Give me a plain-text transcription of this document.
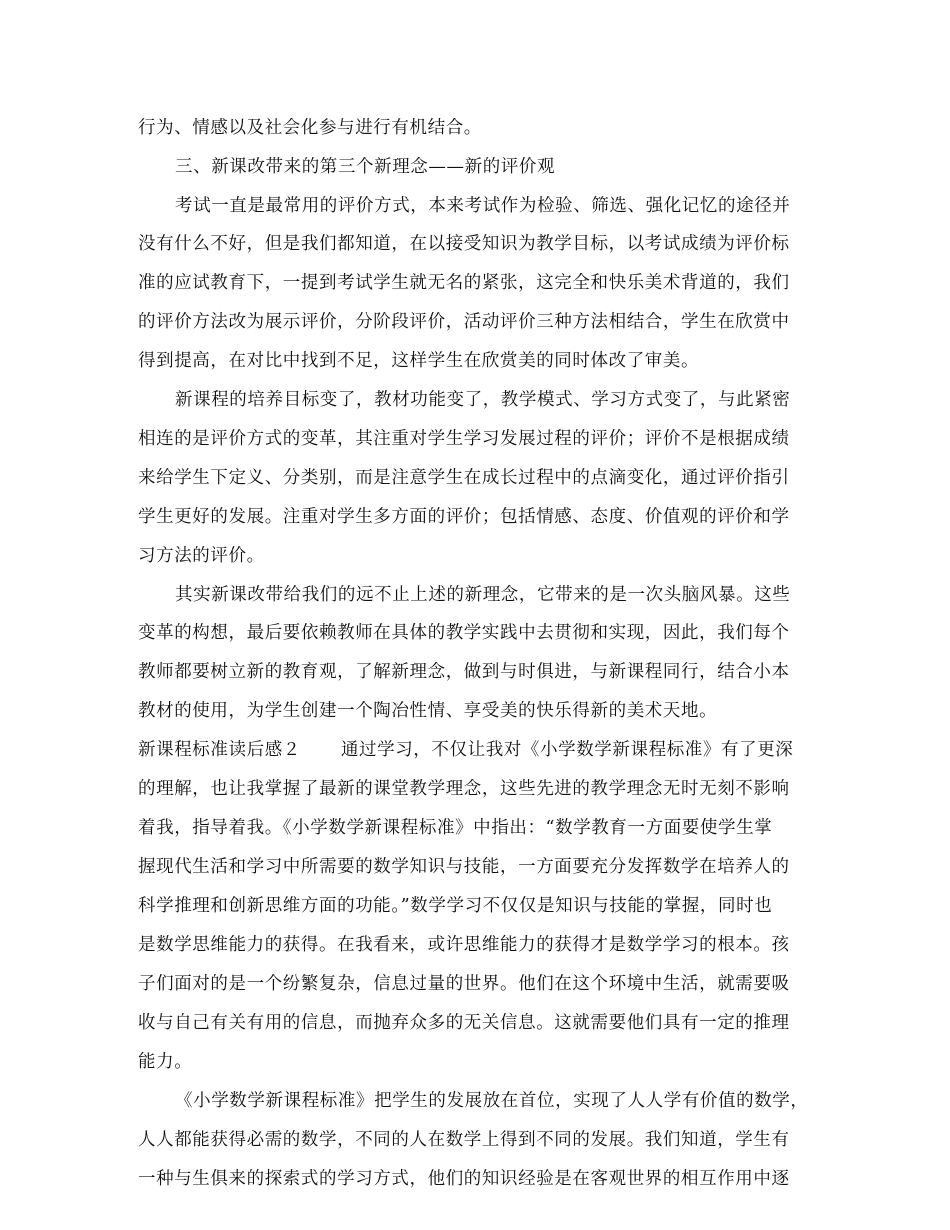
行为、情感以及社会化参与进行有机结合。
三、新课改带来的第三个新理念——新的评价观
考试一直是最常用的评价方式，本来考试作为检验、筛选、强化记忆的途径并
没有什么不好，但是我们都知道，在以接受知识为教学目标，以考试成绩为评价标
准的应试教育下，一提到考试学生就无名的紧张，这完全和快乐美术背道的，我们
的评价方法改为展示评价，分阶段评价，活动评价三种方法相结合，学生在欣赏中
得到提高，在对比中找到不足，这样学生在欣赏美的同时体改了审美。
新课程的培养目标变了，教材功能变了，教学模式、学习方式变了，与此紧密
相连的是评价方式的变革，其注重对学生学习发展过程的评价；评价不是根据成绩
来给学生下定义、分类别，而是注意学生在成长过程中的点滴变化，通过评价指引
学生更好的发展。注重对学生多方面的评价；包括情感、态度、价值观的评价和学
习方法的评价。
其实新课改带给我们的远不止上述的新理念，它带来的是一次头脑风暴。这些
变革的构想，最后要依赖教师在具体的教学实践中去贯彻和实现，因此，我们每个
教师都要树立新的教育观，了解新理念，做到与时俱进，与新课程同行，结合小本
教材的使用，为学生创建一个陶冶性情、享受美的快乐得新的美术天地。
新课程标准读后感２ 通过学习，不仅让我对《小学数学新课程标准》有了更深
的理解，也让我掌握了最新的课堂教学理念，这些先进的教学理念无时无刻不影响
着我，指导着我。《小学数学新课程标准》中指出：“数学教育一方面要使学生掌
握现代生活和学习中所需要的数学知识与技能，一方面要充分发挥数学在培养人的
科学推理和创新思维方面的功能。”数学学习不仅仅是知识与技能的掌握，同时也
是数学思维能力的获得。在我看来，或许思维能力的获得才是数学学习的根本。孩
子们面对的是一个纷繁复杂，信息过量的世界。他们在这个环境中生活，就需要吸
收与自己有关有用的信息，而抛弃众多的无关信息。这就需要他们具有一定的推理
能力。
《小学数学新课程标准》把学生的发展放在首位，实现了人人学有价值的数学，
人人都能获得必需的数学，不同的人在数学上得到不同的发展。我们知道，学生有
一种与生俱来的探索式的学习方式，他们的知识经验是在客观世界的相互作用中逐
